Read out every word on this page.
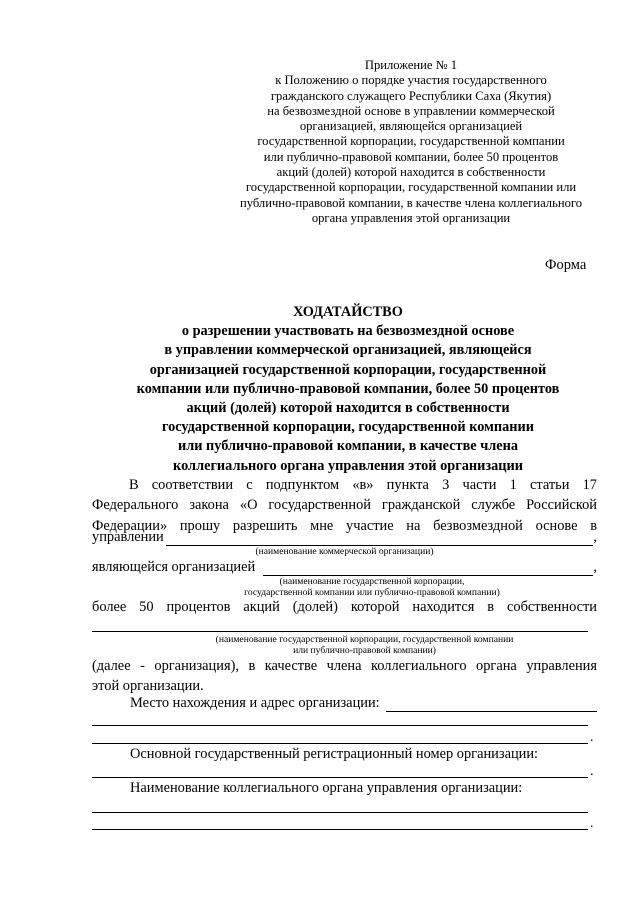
Приложение № 1
к Положению о порядке участия государственного
гражданского служащего Республики Саха (Якутия)
на безвозмездной основе в управлении коммерческой
организацией, являющейся организацией
государственной корпорации, государственной компании
или публично-правовой компании, более 50 процентов
акций (долей) которой находится в собственности
государственной корпорации, государственной компании или
публично-правовой компании, в качестве члена коллегиального
органа управления этой организации
Форма
ХОДАТАЙСТВО
о разрешении участвовать на безвозмездной основе
в управлении коммерческой организацией, являющейся
организацией государственной корпорации, государственной
компании или публично-правовой компании, более 50 процентов
акций (долей) которой находится в собственности
государственной корпорации, государственной компании
или публично-правовой компании, в качестве члена
коллегиального органа управления этой организации
В соответствии с подпунктом «в» пункта 3 части 1 статьи 17
Федерального закона «О государственной гражданской службе Российской
Федерации» прошу разрешить мне участие на безвозмездной основе в
управлении	,
(наименование коммерческой организации)
являющейся организацией	,
(наименование государственной корпорации,
государственной компании или публично-правовой компании)
более 50 процентов акций (долей) которой находится в собственности
(наименование государственной корпорации, государственной компании
или публично-правовой компании)
(далее - организация), в качестве члена коллегиального органа управления
этой организации.
Место нахождения и адрес организации:
.
Основной государственный регистрационный номер организации:
.
Наименование коллегиального органа управления организации:
.
